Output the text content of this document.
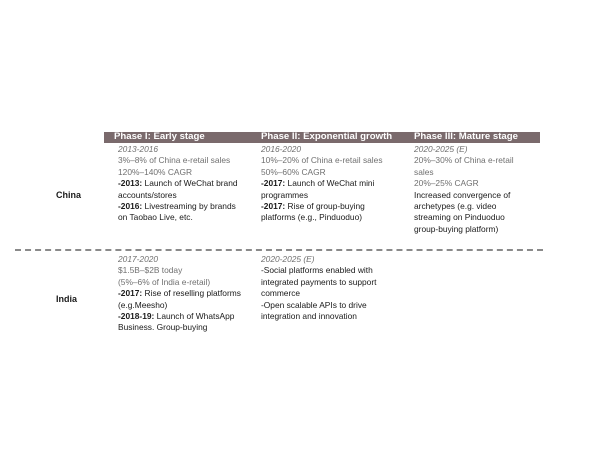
Phase I: Early stage	Phase II: Exponential growth Phase III: Mature stage
China
2013-2016
3%–8% of China e-retail sales
120%–140% CAGR
-2013: Launch of WeChat brand
accounts/stores
-2016: Livestreaming by brands
on Taobao Live, etc.
2016-2020
10%–20% of China e-retail sales
50%–60% CAGR
-2017: Launch of WeChat mini
programmes
-2017: Rise of group-buying
platforms (e.g., Pinduoduo)
2020-2025 (E)
20%–30% of China e-retail
sales
20%–25% CAGR
Increased convergence of
archetypes (e.g. video
streaming on Pinduoduo
group-buying platform)
India
2017-2020
$1.5B–$2B today
(5%–6% of India e-retail)
-2017: Rise of reselling platforms
(e.g.Meesho)
-2018-19: Launch of WhatsApp
Business. Group-buying
2020-2025 (E)
-Social platforms enabled with
integrated payments to support
commerce
-Open scalable APIs to drive
integration and innovation
